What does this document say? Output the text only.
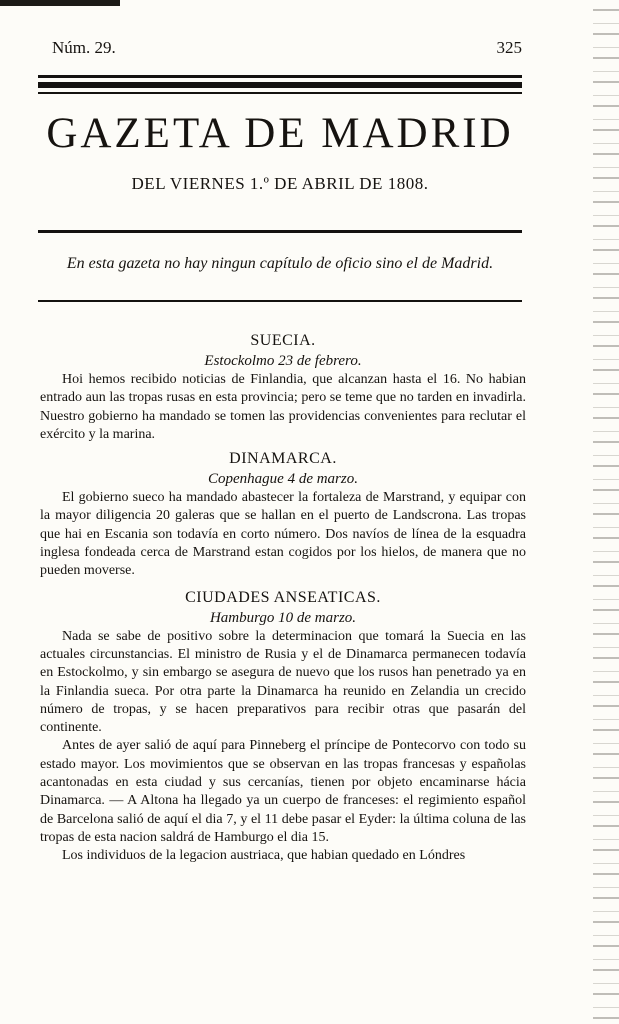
Núm. 29.	325
GAZETA DE MADRID
DEL VIERNES 1.º DE ABRIL DE 1808.
En esta gazeta no hay ningun capítulo de oficio sino el de Madrid.

SUECIA.

Estockolmo 23 de febrero.

Hoi hemos recibido noticias de Finlandia, que alcanzan hasta el 16. No habian entrado aun las tropas rusas en esta provincia; pero se teme que no tarden en invadirla. Nuestro gobierno ha mandado se tomen las providencias convenientes para reclutar el exército y la marina.

DINAMARCA.

Copenhague 4 de marzo.

El gobierno sueco ha mandado abastecer la fortaleza de Marstrand, y equipar con la mayor diligencia 20 galeras que se hallan en el puerto de Landscrona. Las tropas que hai en Escania son todavía en corto número. Dos navíos de línea de la esquadra inglesa fondeada cerca de Marstrand estan cogidos por los hielos, de manera que no pueden moverse.

CIUDADES ANSEATICAS.

Hamburgo 10 de marzo.

Nada se sabe de positivo sobre la determinacion que tomará la Suecia en las actuales circunstancias. El ministro de Rusia y el de Dinamarca permanecen todavía en Estockolmo, y sin embargo se asegura de nuevo que los rusos han penetrado ya en la Finlandia sueca. Por otra parte la Dinamarca ha reunido en Zelandia un crecido número de tropas, y se hacen preparativos para recibir otras que pasarán del continente.

Antes de ayer salió de aquí para Pinneberg el príncipe de Pontecorvo con todo su estado mayor. Los movimientos que se observan en las tropas francesas y españolas acantonadas en esta ciudad y sus cercanías, tienen por objeto encaminarse hácia Dinamarca. — A Altona ha llegado ya un cuerpo de franceses: el regimiento español de Barcelona salió de aquí el dia 7, y el 11 debe pasar el Eyder: la última coluna de las tropas de esta nacion saldrá de Hamburgo el dia 15.

Los individuos de la legacion austriaca, que habian quedado en Lóndres
